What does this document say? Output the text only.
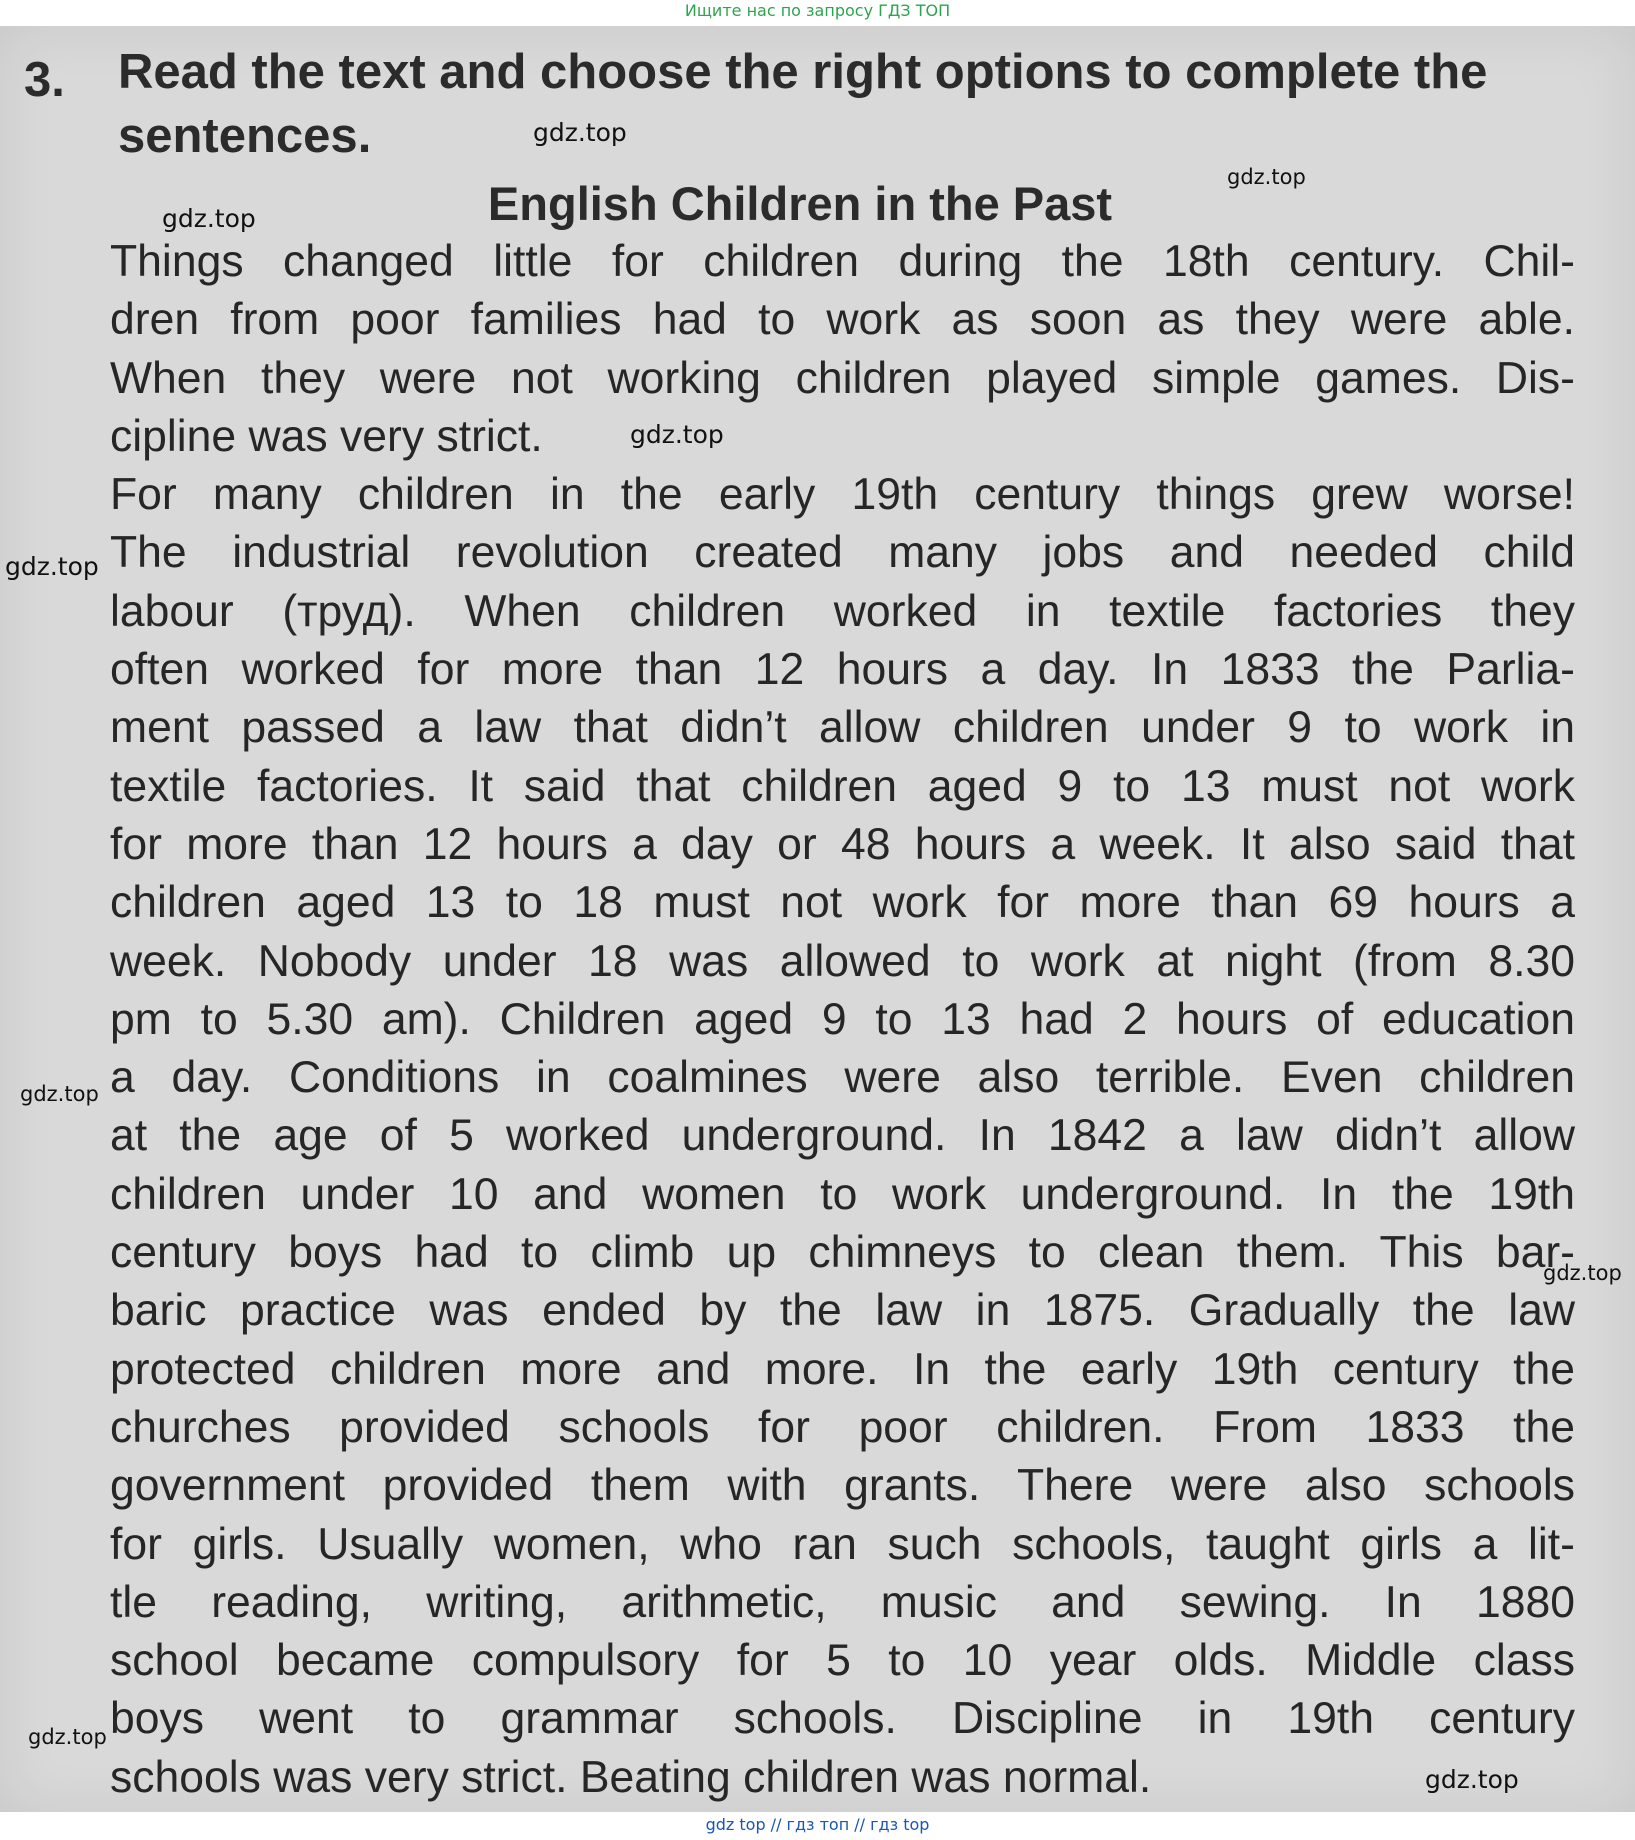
Ищите нас по запросу ГДЗ ТОП
3. Read the text and choose the right options to complete the sentences.
English Children in the Past
Things changed little for children during the 18th century. Chil-
dren from poor families had to work as soon as they were able.
When they were not working children played simple games. Dis-
cipline was very strict.
For many children in the early 19th century things grew worse!
The industrial revolution created many jobs and needed child
labour (труд). When children worked in textile factories they
often worked for more than 12 hours a day. In 1833 the Parlia-
ment passed a law that didn’t allow children under 9 to work in
textile factories. It said that children aged 9 to 13 must not work
for more than 12 hours a day or 48 hours a week. It also said that
children aged 13 to 18 must not work for more than 69 hours a
week. Nobody under 18 was allowed to work at night (from 8.30
pm to 5.30 am). Children aged 9 to 13 had 2 hours of education
a day. Conditions in coalmines were also terrible. Even children
at the age of 5 worked underground. In 1842 a law didn’t allow
children under 10 and women to work underground. In the 19th
century boys had to climb up chimneys to clean them. This bar-
baric practice was ended by the law in 1875. Gradually the law
protected children more and more. In the early 19th century the
churches provided schools for poor children. From 1833 the
government provided them with grants. There were also schools
for girls. Usually women, who ran such schools, taught girls a lit-
tle reading, writing, arithmetic, music and sewing. In 1880
school became compulsory for 5 to 10 year olds. Middle class
boys went to grammar schools. Discipline in 19th century
schools was very strict. Beating children was normal.
gdz.top
gdz.top
gdz.top
gdz.top
gdz.top
gdz.top
gdz.top
gdz.top
gdz.top
gdz top // гдз топ // гдз top
